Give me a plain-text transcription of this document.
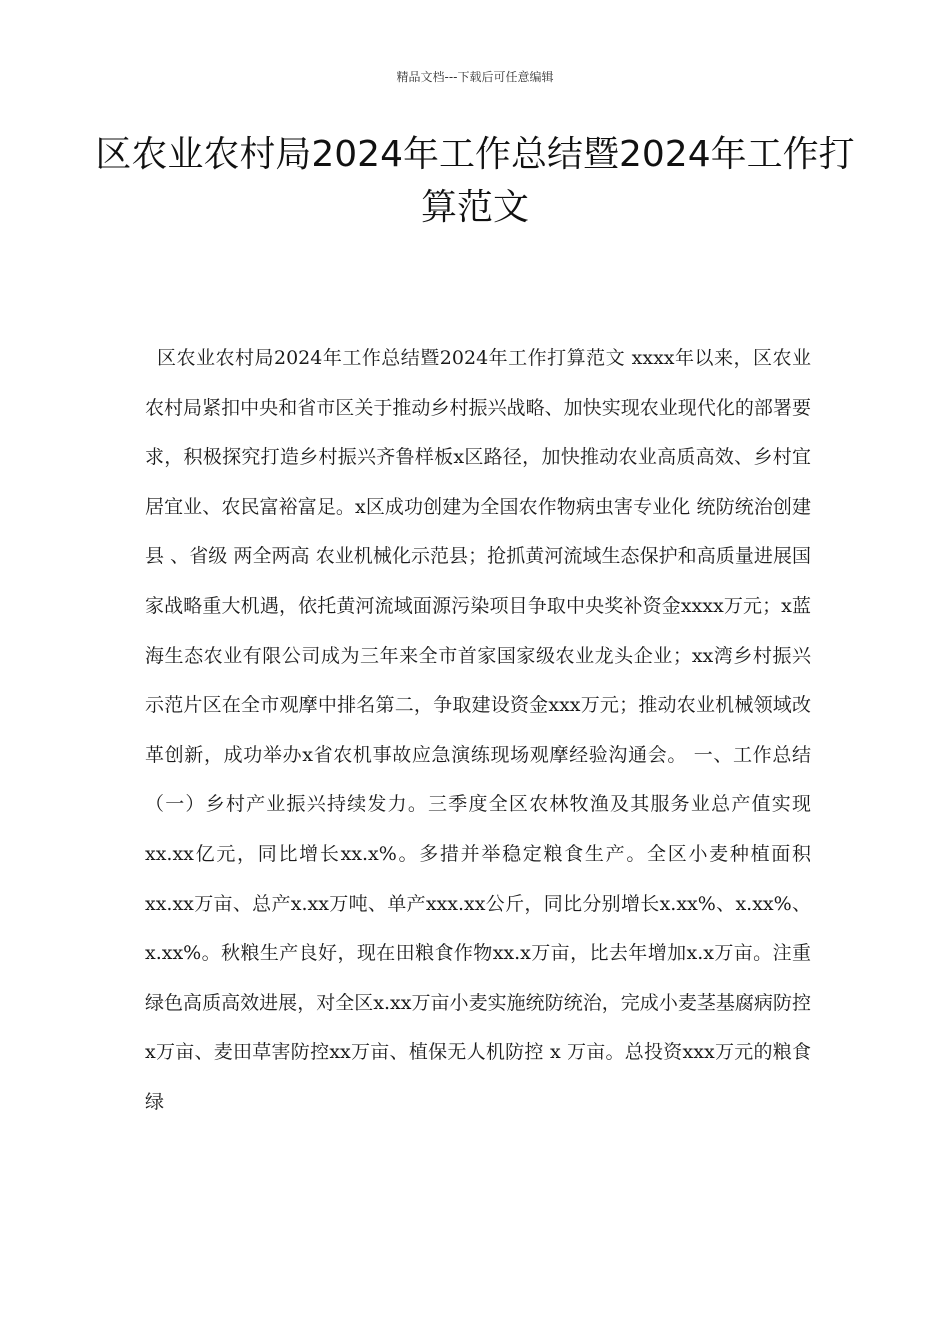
精品文档---下载后可任意编辑
区农业农村局2024年工作总结暨2024年工作打算范文

区农业农村局2024年工作总结暨2024年工作打算范文 xxxx年以来，区农业农村局紧扣中央和省市区关于推动乡村振兴战略、加快实现农业现代化的部署要求，积极探究打造乡村振兴齐鲁样板x区路径，加快推动农业高质高效、乡村宜居宜业、农民富裕富足。x区成功创建为全国农作物病虫害专业化 统防统治创建县 、省级 两全两高 农业机械化示范县；抢抓黄河流域生态保护和高质量进展国家战略重大机遇，依托黄河流域面源污染项目争取中央奖补资金xxxx万元；x蓝海生态农业有限公司成为三年来全市首家国家级农业龙头企业；xx湾乡村振兴示范片区在全市观摩中排名第二，争取建设资金xxx万元；推动农业机械领域改革创新，成功举办x省农机事故应急演练现场观摩经验沟通会。 一、工作总结 （一）乡村产业振兴持续发力。三季度全区农林牧渔及其服务业总产值实现xx.xx亿元，同比增长xx.x%。多措并举稳定粮食生产。全区小麦种植面积xx.xx万亩、总产x.xx万吨、单产xxx.xx公斤，同比分别增长x.xx%、x.xx%、x.xx%。秋粮生产良好，现在田粮食作物xx.x万亩，比去年增加x.x万亩。注重绿色高质高效进展，对全区x.xx万亩小麦实施统防统治，完成小麦茎基腐病防控x万亩、麦田草害防控xx万亩、植保无人机防控 x 万亩。总投资xxx万元的粮食绿
